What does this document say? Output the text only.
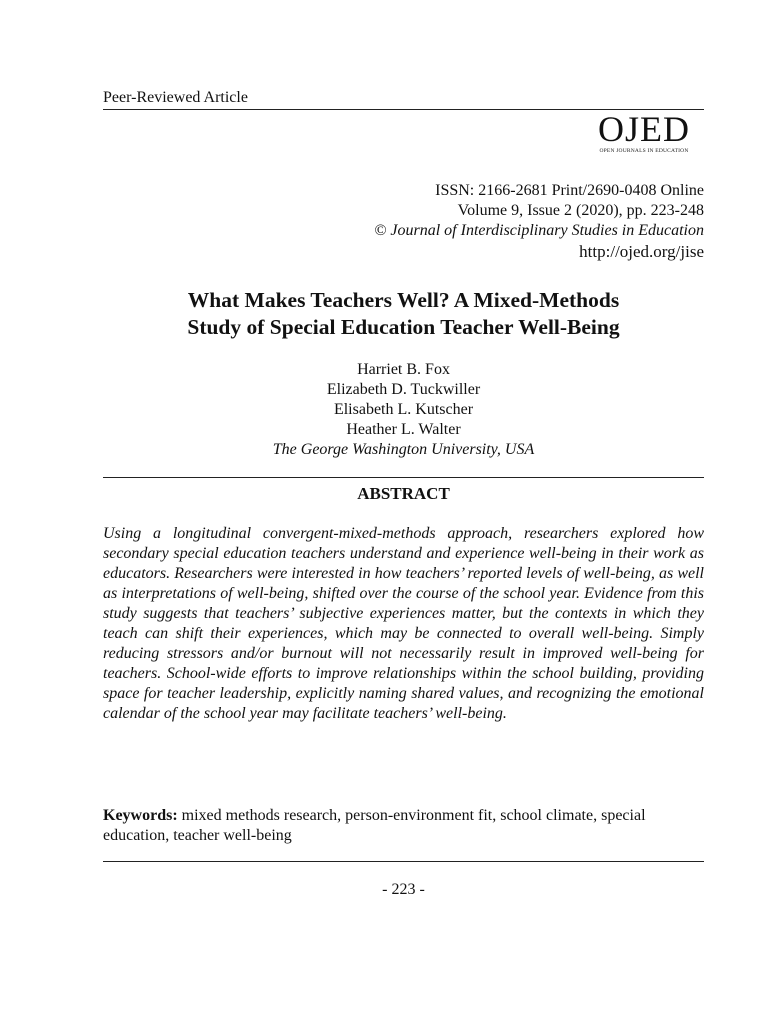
Peer-Reviewed Article
OJED
OPEN JOURNALS IN EDUCATION
ISSN: 2166-2681 Print/2690-0408 Online
Volume 9, Issue 2 (2020), pp. 223-248
© Journal of Interdisciplinary Studies in Education
http://ojed.org/jise
What Makes Teachers Well? A Mixed-Methods
Study of Special Education Teacher Well-Being
Harriet B. Fox
Elizabeth D. Tuckwiller
Elisabeth L. Kutscher
Heather L. Walter
The George Washington University, USA
ABSTRACT

Using a longitudinal convergent-mixed-methods approach, researchers explored how secondary special education teachers understand and experience well-being in their work as educators. Researchers were interested in how teachers’ reported levels of well-being, as well as interpretations of well-being, shifted over the course of the school year. Evidence from this study suggests that teachers’ subjective experiences matter, but the contexts in which they teach can shift their experiences, which may be connected to overall well-being. Simply reducing stressors and/or burnout will not necessarily result in improved well-being for teachers. School-wide efforts to improve relationships within the school building, providing space for teacher leadership, explicitly naming shared values, and recognizing the emotional calendar of the school year may facilitate teachers’ well-being.

Keywords: mixed methods research, person-environment fit, school climate, special education, teacher well-being
- 223 -
